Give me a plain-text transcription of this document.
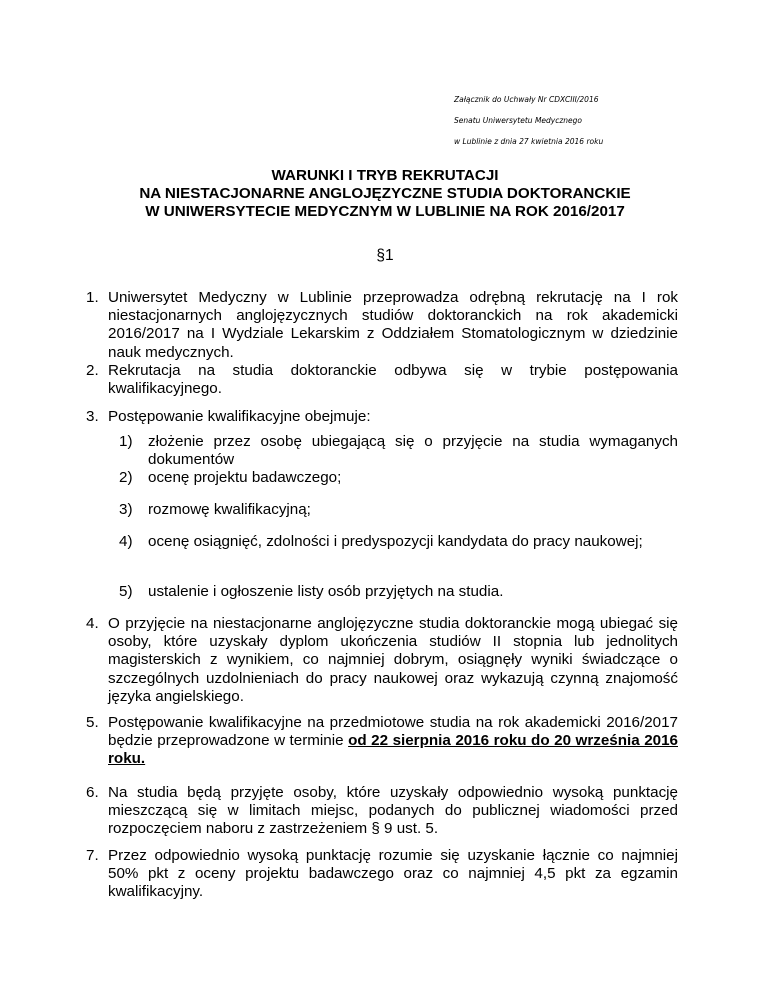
Załącznik do Uchwały Nr CDXCIII/2016
Senatu Uniwersytetu Medycznego
w Lublinie z dnia 27 kwietnia 2016 roku
WARUNKI I TRYB REKRUTACJI
NA NIESTACJONARNE ANGLOJĘZYCZNE STUDIA DOKTORANCKIE
W UNIWERSYTECIE MEDYCZNYM W LUBLINIE NA ROK 2016/2017
§1
1. Uniwersytet Medyczny w Lublinie przeprowadza odrębną rekrutację na I rok niestacjonarnych anglojęzycznych studiów doktoranckich na rok akademicki 2016/2017 na I Wydziale Lekarskim z Oddziałem Stomatologicznym w dziedzinie nauk medycznych.
2. Rekrutacja na studia doktoranckie odbywa się w trybie postępowania kwalifikacyjnego.
3. Postępowanie kwalifikacyjne obejmuje:
1) złożenie przez osobę ubiegającą się o przyjęcie na studia wymaganych dokumentów
2) ocenę projektu badawczego;
3) rozmowę kwalifikacyjną;
4) ocenę osiągnięć, zdolności i predyspozycji kandydata do pracy naukowej;
5) ustalenie i ogłoszenie listy osób przyjętych na studia.
4. O przyjęcie na niestacjonarne anglojęzyczne studia doktoranckie mogą ubiegać się osoby, które uzyskały dyplom ukończenia studiów II stopnia lub jednolitych magisterskich z wynikiem, co najmniej dobrym, osiągnęły wyniki świadczące o szczególnych uzdolnieniach do pracy naukowej oraz wykazują czynną znajomość języka angielskiego.
5. Postępowanie kwalifikacyjne na przedmiotowe studia na rok akademicki 2016/2017 będzie przeprowadzone w terminie od 22 sierpnia 2016 roku do 20 września 2016 roku.
6. Na studia będą przyjęte osoby, które uzyskały odpowiednio wysoką punktację mieszczącą się w limitach miejsc, podanych do publicznej wiadomości przed rozpoczęciem naboru z zastrzeżeniem § 9 ust. 5.
7. Przez odpowiednio wysoką punktację rozumie się uzyskanie łącznie co najmniej 50% pkt z oceny projektu badawczego oraz co najmniej 4,5 pkt za egzamin kwalifikacyjny.
